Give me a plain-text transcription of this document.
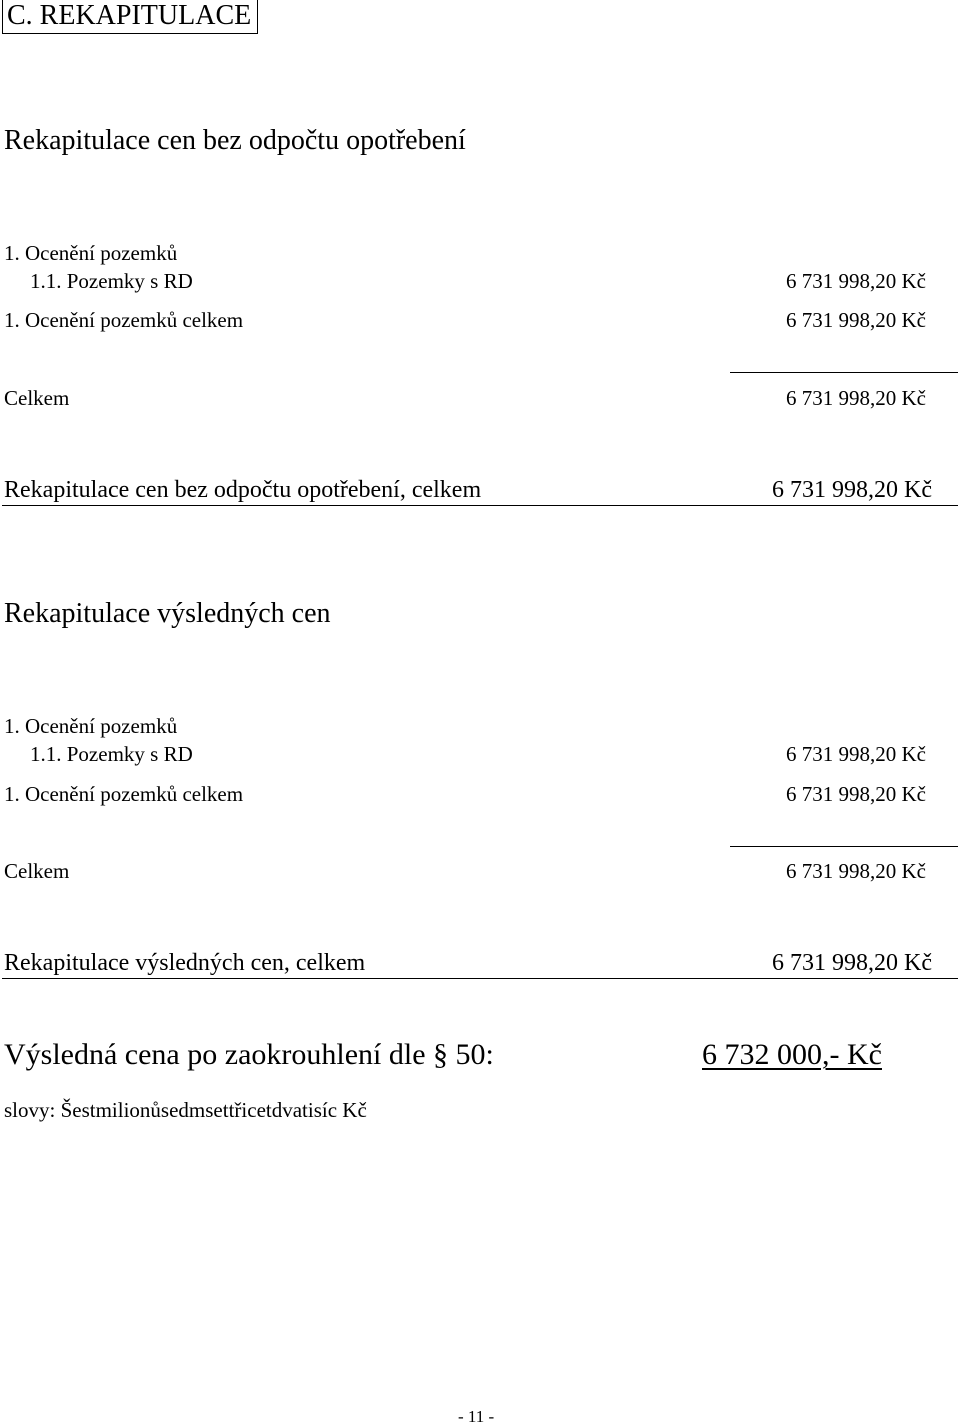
C. REKAPITULACE
Rekapitulace cen bez odpočtu opotřebení
1. Ocenění pozemků
1.1. Pozemky s RD	6 731 998,20 Kč
1. Ocenění pozemků celkem	6 731 998,20 Kč
Celkem	6 731 998,20 Kč
Rekapitulace cen bez odpočtu opotřebení, celkem	6 731 998,20 Kč
Rekapitulace výsledných cen
1. Ocenění pozemků
1.1. Pozemky s RD	6 731 998,20 Kč
1. Ocenění pozemků celkem	6 731 998,20 Kč
Celkem	6 731 998,20 Kč
Rekapitulace výsledných cen, celkem	6 731 998,20 Kč
Výsledná cena po zaokrouhlení dle § 50:	6 732 000,- Kč
slovy: Šestmilionůsedmsettřicetdvatisíc Kč
- 11 -
